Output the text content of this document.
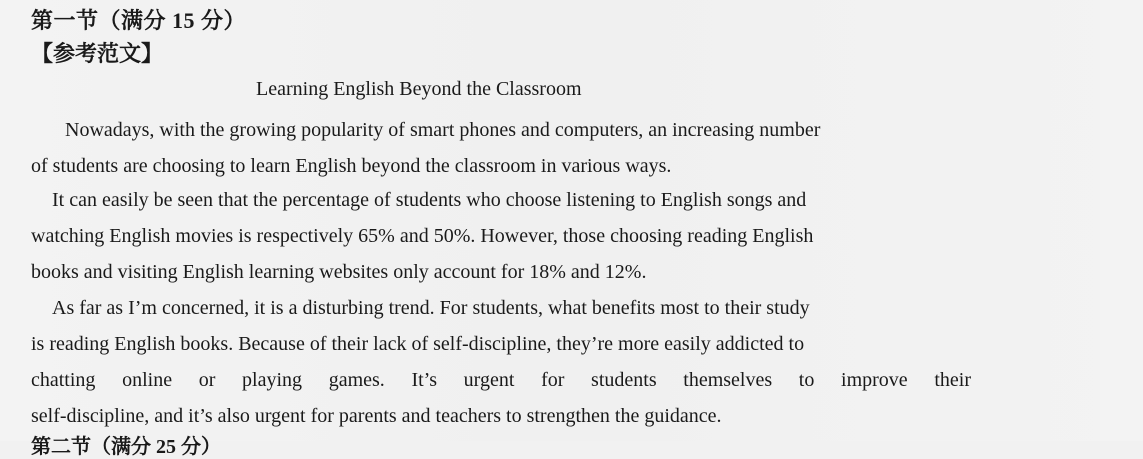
第一节（满分 15 分）
【参考范文】
Learning English Beyond the Classroom
Nowadays, with the growing popularity of smart phones and computers, an increasing number
of students are choosing to learn English beyond the classroom in various ways.
It can easily be seen that the percentage of students who choose listening to English songs and
watching English movies is respectively 65% and 50%. However, those choosing reading English
books and visiting English learning websites only account for 18% and 12%.
As far as I’m concerned, it is a disturbing trend. For students, what benefits most to their study
is reading English books. Because of their lack of self-discipline, they’re more easily addicted to
chatting online or playing games. It’s urgent for students themselves to improve their
self-discipline, and it’s also urgent for parents and teachers to strengthen the guidance.
第二节（满分 25 分）
